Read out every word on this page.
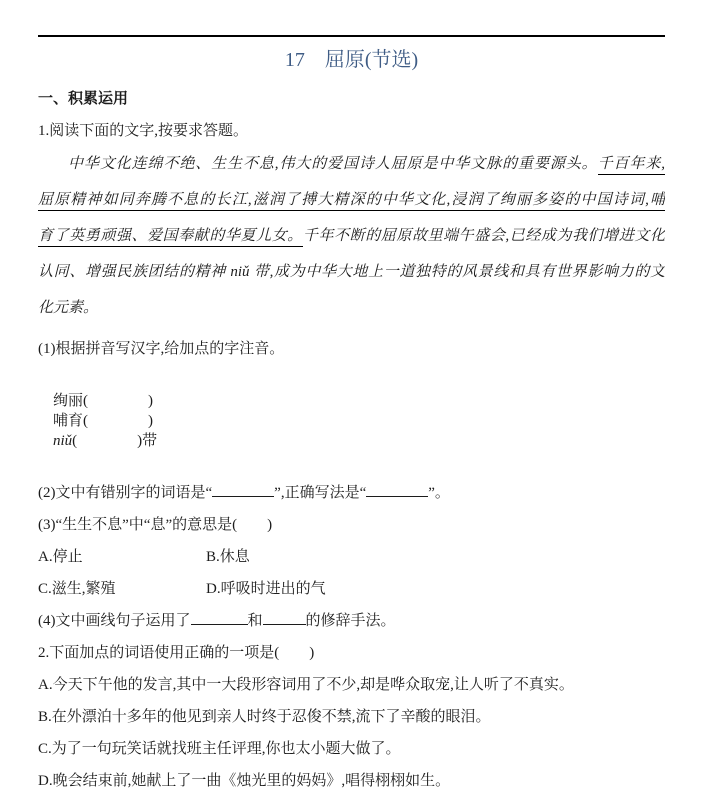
17　屈原(节选)
一、积累运用
1.阅读下面的文字,按要求答题。
中华文化连绵不绝、生生不息,伟大的爱国诗人屈原是中华文脉的重要源头。千百年来,
屈原精神如同奔腾不息的长江,滋润了搏大精深的中华文化,浸润了绚丽多姿的中国诗词,哺
育了英勇顽强、爱国奉献的华夏儿女。千年不断的屈原故里端午盛会,已经成为我们增进文化
认同、增强民族团结的精神 niǔ 带,成为中华大地上一道独特的风景线和具有世界影响力的文
化元素。
(1)根据拼音写汉字,给加点的字注音。

绚丽(　　　　)
哺育(　　　　)
niǔ(　　　　)带

(2)文中有错别字的词语是“	”,正确写法是“	”。
(3)“生生不息”中“息”的意思是(　　)
A.停止	B.休息
C.滋生,繁殖	D.呼吸时进出的气
(4)文中画线句子运用了	和	的修辞手法。
2.下面加点的词语使用正确的一项是(　　)
A.今天下午他的发言,其中一大段形容词用了不少,却是哗众取宠,让人听了不真实。
B.在外漂泊十多年的他见到亲人时终于忍俊不禁,流下了辛酸的眼泪。
C.为了一句玩笑话就找班主任评理,你也太小题大做了。
D.晚会结束前,她献上了一曲《烛光里的妈妈》,唱得栩栩如生。
